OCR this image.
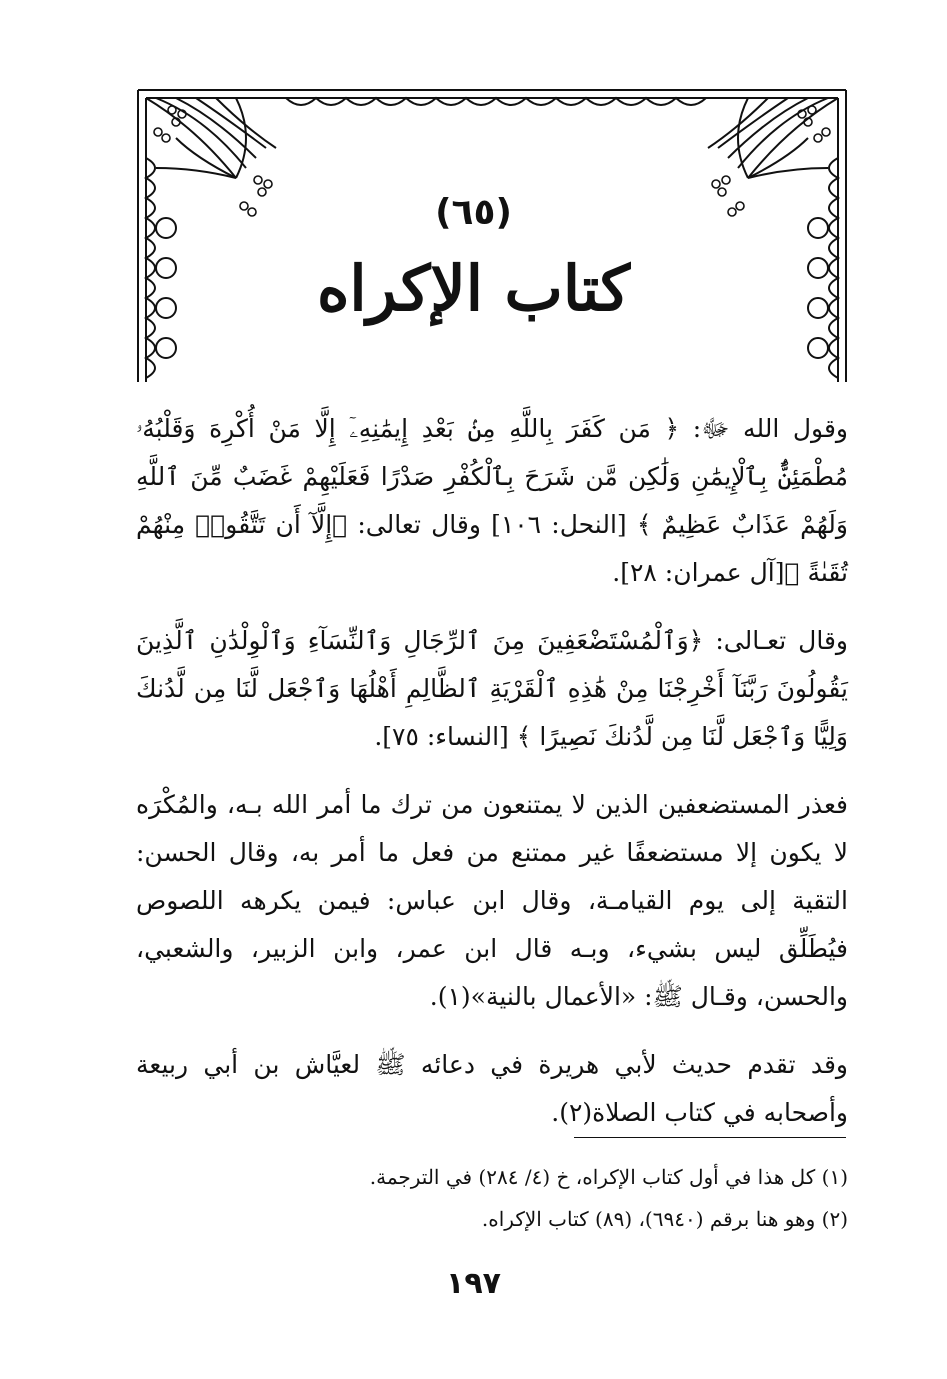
(٦٥)
كتاب الإكراه

وقول الله ﷻ: ﴿ مَن كَفَرَ بِاللَّهِ مِنۢ بَعْدِ إِيمَٰنِهِۦٓ إِلَّا مَنْ أُكْرِهَ وَقَلْبُهُۥ مُطْمَئِنٌّۢ بِٱلْإِيمَٰنِ وَلَٰكِن مَّن شَرَحَ بِٱلْكُفْرِ صَدْرًا فَعَلَيْهِمْ غَضَبٌ مِّنَ ٱللَّهِ وَلَهُمْ عَذَابٌ عَظِيمٌ ﴾ [النحل: ١٠٦] وقال تعالى: ﴿إِلَّآ أَن تَتَّقُوا۟ مِنْهُمْ تُقَىٰةً ﴾[آل عمران: ٢٨].

وقال تعـالى: ﴿وَٱلْمُسْتَضْعَفِينَ مِنَ ٱلرِّجَالِ وَٱلنِّسَآءِ وَٱلْوِلْدَٰنِ ٱلَّذِينَ يَقُولُونَ رَبَّنَآ أَخْرِجْنَا مِنْ هَٰذِهِ ٱلْقَرْيَةِ ٱلظَّالِمِ أَهْلُهَا وَٱجْعَل لَّنَا مِن لَّدُنكَ وَلِيًّا وَٱجْعَل لَّنَا مِن لَّدُنكَ نَصِيرًا ﴾ [النساء: ٧٥].

فعذر المستضعفين الذين لا يمتنعون من ترك ما أمر الله بـه، والمُكْرَه لا يكون إلا مستضعفًا غير ممتنع من فعل ما أمر به، وقال الحسن: التقية إلى يوم القيامـة، وقال ابن عباس: فيمن يكرهه اللصوص فيُطَلِّق ليس بشيء، وبـه قال ابن عمر، وابن الزبير، والشعبي، والحسن، وقـال ﷺ: «الأعمال بالنية»(١).

وقد تقدم حديث لأبي هريرة في دعائه ﷺ لعيَّاش بن أبي ربيعة وأصحابه في كتاب الصلاة(٢).

(١) كل هذا في أول كتاب الإكراه، خ (٤/ ٢٨٤) في الترجمة.

(٢) وهو هنا برقم (٦٩٤٠)، (٨٩) كتاب الإكراه.

١٩٧
